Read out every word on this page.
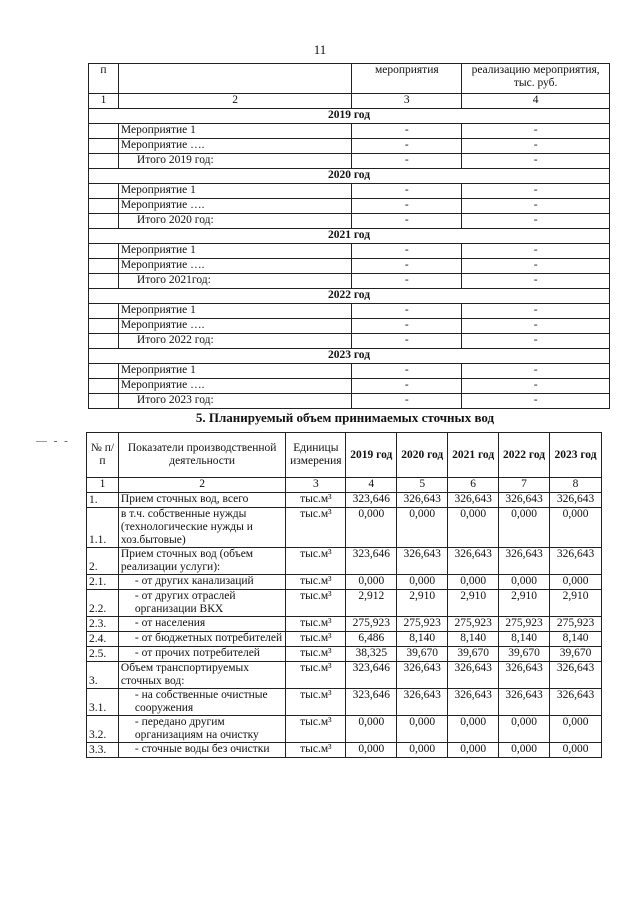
11
п		мероприятия	реализацию мероприятия, тыс. руб.
1	2	3	4
2019 год			
	Мероприятие 1	-	-
	Мероприятие ….	-	-
	Итого 2019 год:	-	-
2020 год			
	Мероприятие 1	-	-
	Мероприятие ….	-	-
	Итого 2020 год:	-	-
2021 год			
	Мероприятие 1	-	-
	Мероприятие ….	-	-
	Итого 2021год:	-	-
2022 год			
	Мероприятие 1	-	-
	Мероприятие ….	-	-
	Итого 2022 год:	-	-
2023 год			
	Мероприятие 1	-	-
	Мероприятие ….	-	-
	Итого 2023 год:	-	-
5. Планируемый объем принимаемых сточных вод
— - -
№ п/п	Показатели производственной деятельности	Единицы измерения	2019 год	2020 год	2021 год	2022 год	2023 год
1	2	3	4	5	6	7	8
1.	Прием сточных вод, всего	тыс.м³	323,646	326,643	326,643	326,643	326,643
1.1.	в т.ч. собственные нужды (технологические нужды и хоз.бытовые)	тыс.м³	0,000	0,000	0,000	0,000	0,000
2.	Прием сточных вод (объем реализации услуги):	тыс.м³	323,646	326,643	326,643	326,643	326,643
2.1.	- от других канализаций	тыс.м³	0,000	0,000	0,000	0,000	0,000
2.2.	- от других отраслей организации ВКХ	тыс.м³	2,912	2,910	2,910	2,910	2,910
2.3.	- от населения	тыс.м³	275,923	275,923	275,923	275,923	275,923
2.4.	- от бюджетных потребителей	тыс.м³	6,486	8,140	8,140	8,140	8,140
2.5.	- от прочих потребителей	тыс.м³	38,325	39,670	39,670	39,670	39,670
3.	Объем транспортируемых сточных вод:	тыс.м³	323,646	326,643	326,643	326,643	326,643
3.1.	- на собственные очистные сооружения	тыс.м³	323,646	326,643	326,643	326,643	326,643
3.2.	- передано другим организациям на очистку	тыс.м³	0,000	0,000	0,000	0,000	0,000
3.3.	- сточные воды без очистки	тыс.м³	0,000	0,000	0,000	0,000	0,000
